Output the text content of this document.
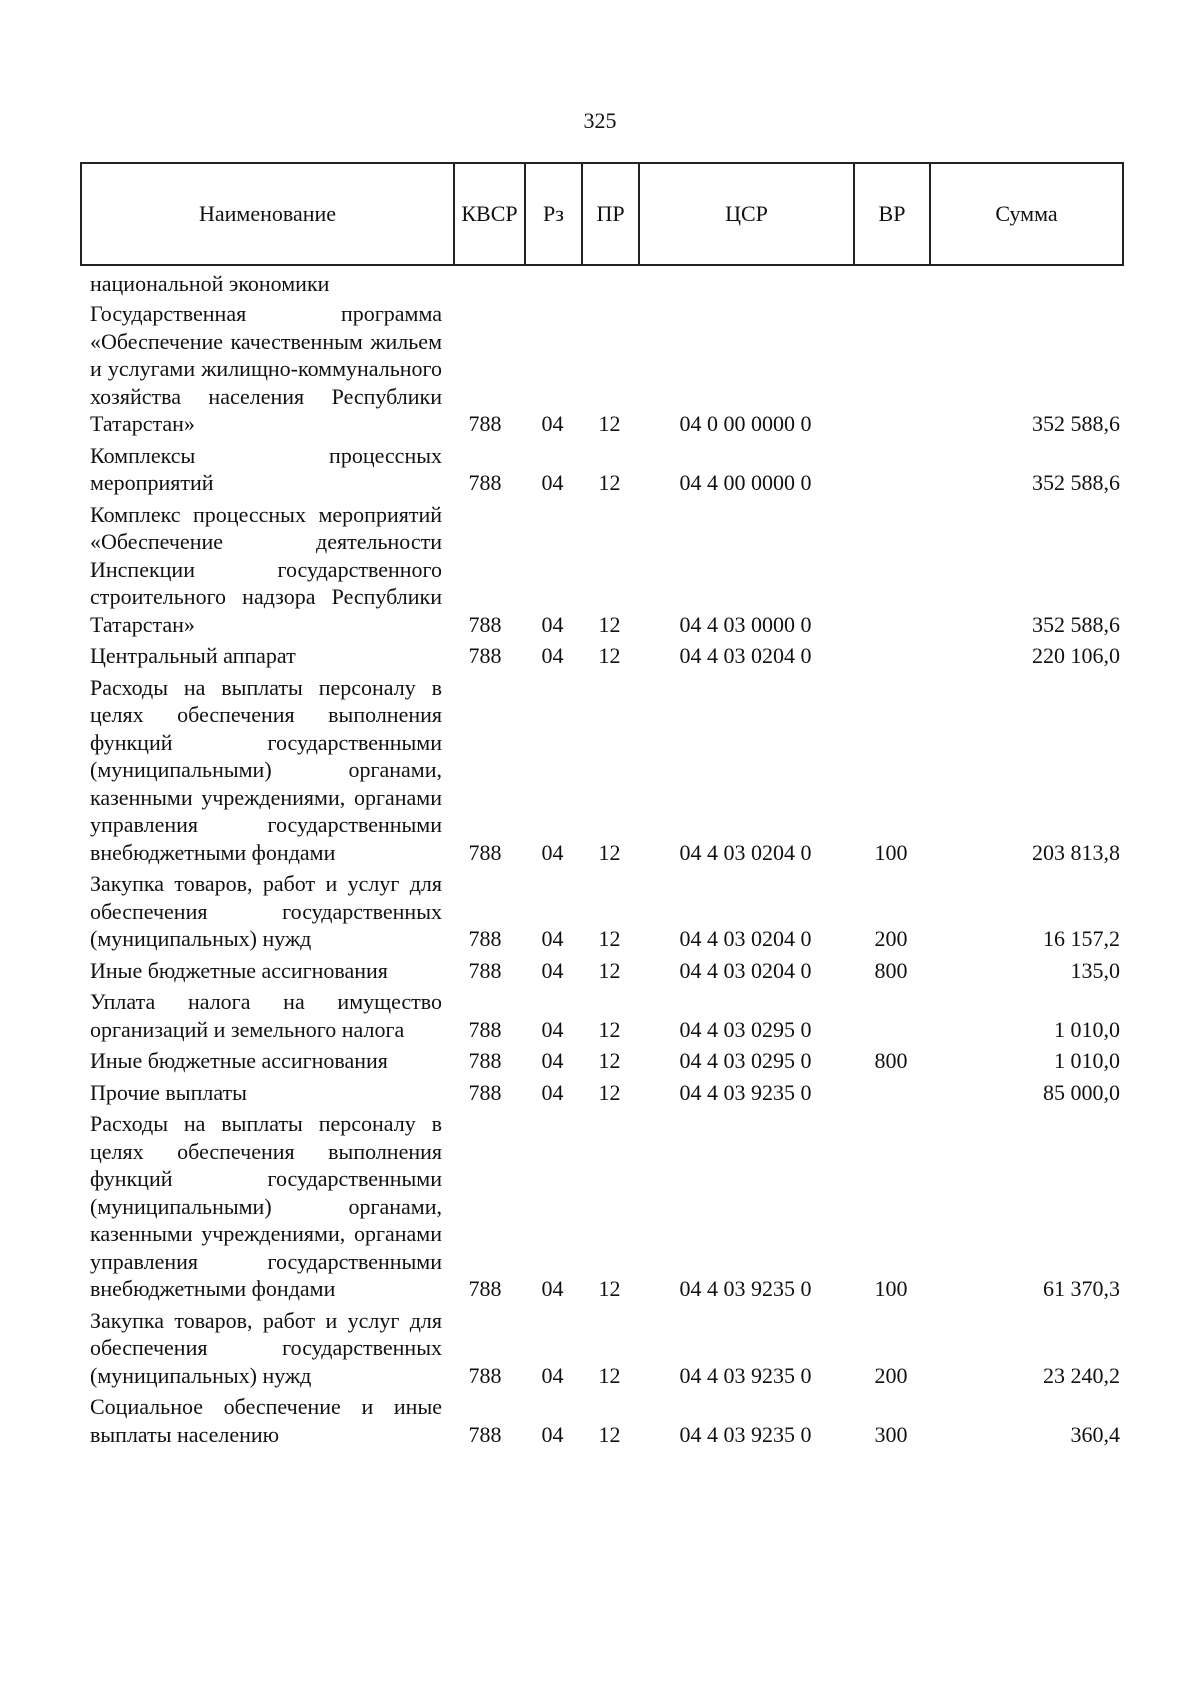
325
Наименование	КВСР	Рз	ПР	ЦСР	ВР	Сумма
национальной экономики
Государственная программа «Обеспечение качественным жильем и услугами жилищно-коммунального хозяйства населения Республики Татарстан»	788	04	12	04 0 00 0000 0		352 588,6
Комплексы процессных мероприятий	788	04	12	04 4 00 0000 0		352 588,6
Комплекс процессных мероприятий «Обеспечение деятельности Инспекции государственного строительного надзора Республики Татарстан»	788	04	12	04 4 03 0000 0		352 588,6
Центральный аппарат	788	04	12	04 4 03 0204 0		220 106,0
Расходы на выплаты персоналу в целях обеспечения выполнения функций государственными (муниципальными) органами, казенными учреждениями, органами управления государственными внебюджетными фондами	788	04	12	04 4 03 0204 0	100	203 813,8
Закупка товаров, работ и услуг для обеспечения государственных (муниципальных) нужд	788	04	12	04 4 03 0204 0	200	16 157,2
Иные бюджетные ассигнования	788	04	12	04 4 03 0204 0	800	135,0
Уплата налога на имущество организаций и земельного налога	788	04	12	04 4 03 0295 0		1 010,0
Иные бюджетные ассигнования	788	04	12	04 4 03 0295 0	800	1 010,0
Прочие выплаты	788	04	12	04 4 03 9235 0		85 000,0
Расходы на выплаты персоналу в целях обеспечения выполнения функций государственными (муниципальными) органами, казенными учреждениями, органами управления государственными внебюджетными фондами	788	04	12	04 4 03 9235 0	100	61 370,3
Закупка товаров, работ и услуг для обеспечения государственных (муниципальных) нужд	788	04	12	04 4 03 9235 0	200	23 240,2
Социальное обеспечение и иные выплаты населению	788	04	12	04 4 03 9235 0	300	360,4
